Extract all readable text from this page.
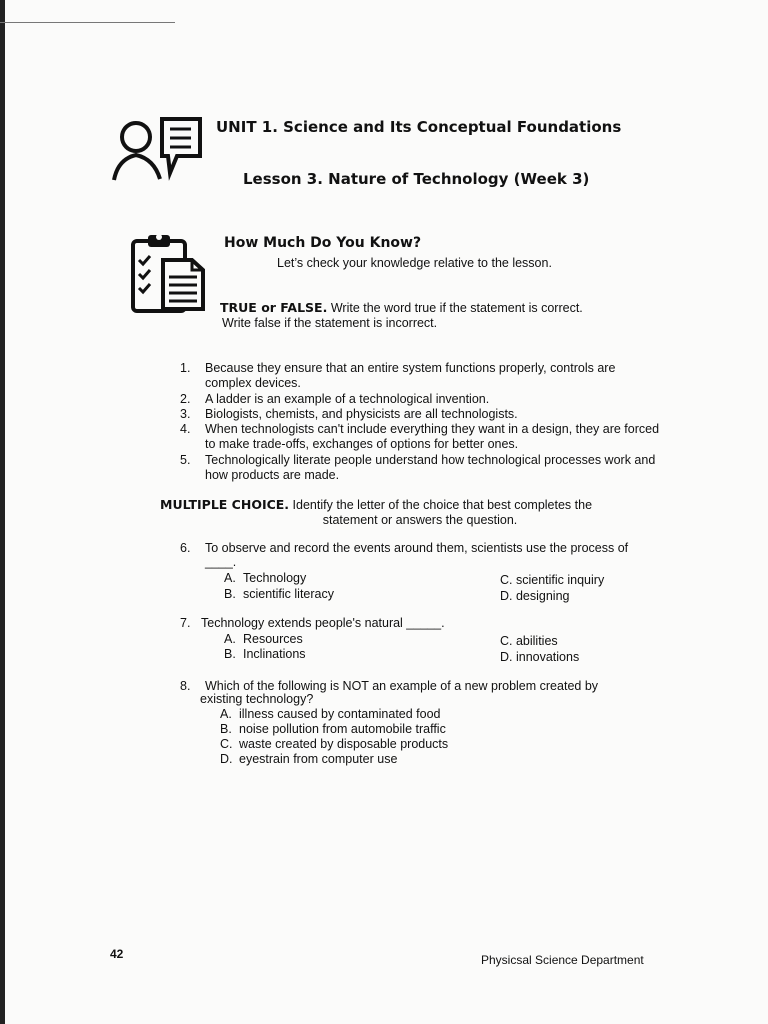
UNIT 1. Science and Its Conceptual Foundations
Lesson 3. Nature of Technology (Week 3)
How Much Do You Know?
Let’s check your knowledge relative to the lesson.
TRUE or FALSE. Write the word true if the statement is correct.
Write false if the statement is incorrect.
1.	Because they ensure that an entire system functions properly, controls are complex devices.
2.	A ladder is an example of a technological invention.
3.	Biologists, chemists, and physicists are all technologists.
4.	When technologists can't include everything they want in a design, they are forced to make trade-offs, exchanges of options for better ones.
5.	Technologically literate people understand how technological processes work and how products are made.
MULTIPLE CHOICE. Identify the letter of the choice that best completes the
statement or answers the question.
6. To observe and record the events around them, scientists use the process of
____.
A. Technology
B. scientific literacy
C. scientific inquiry
D. designing
7. Technology extends people's natural _____.
A. Resources
B. Inclinations
C. abilities
D. innovations
8. Which of the following is NOT an example of a new problem created by
existing technology?
A. illness caused by contaminated food
B. noise pollution from automobile traffic
C. waste created by disposable products
D. eyestrain from computer use
42	Physicsal Science Department
